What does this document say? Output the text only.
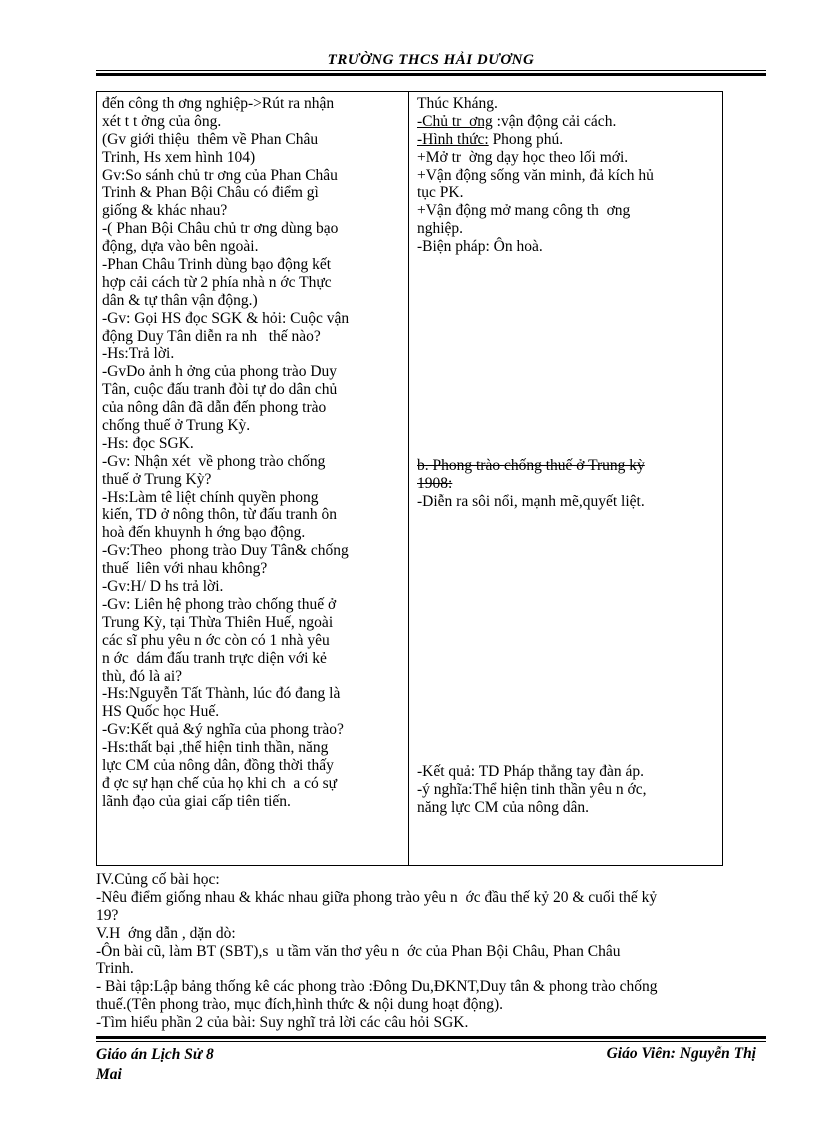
TRƯỜNG THCS HẢI DƯƠNG
đến công th ơng nghiệp->Rút ra nhận
xét t t ởng của ông.
(Gv giới thiệu  thêm về Phan Châu
Trinh, Hs xem hình 104)
Gv:So sánh chủ tr ơng của Phan Châu
Trinh & Phan Bội Châu có điểm gì
giống & khác nhau?
-( Phan Bội Châu chủ tr ơng dùng bạo
động, dựa vào bên ngoài.
-Phan Châu Trinh dùng bạo động kết
hợp cải cách từ 2 phía nhà n ớc Thực
dân & tự thân vận động.)
-Gv: Gọi HS đọc SGK & hỏi: Cuộc vận
động Duy Tân diễn ra nh   thế nào?
-Hs:Trả lời.
-GvDo ảnh h ởng của phong trào Duy
Tân, cuộc đấu tranh đòi tự do dân chủ
của nông dân đã dẫn đến phong trào
chống thuế ở Trung Kỳ.
-Hs: đọc SGK.
-Gv: Nhận xét  về phong trào chống
thuế ở Trung Kỳ?
-Hs:Làm tê liệt chính quyền phong
kiến, TD ở nông thôn, từ đấu tranh ôn
hoà đến khuynh h ớng bạo động.
-Gv:Theo  phong trào Duy Tân& chống
thuế  liên với nhau không?
-Gv:H/ D hs trả lời.
-Gv: Liên hệ phong trào chống thuế ở
Trung Kỳ, tại Thừa Thiên Huế, ngoài
các sĩ phu yêu n ớc còn có 1 nhà yêu
n ớc  dám đấu tranh trực diện với kẻ
thù, đó là ai?
-Hs:Nguyễn Tất Thành, lúc đó đang là
HS Quốc học Huế.
-Gv:Kết quả &ý nghĩa của phong trào?
-Hs:thất bại ,thể hiện tinh thần, năng
lực CM của nông dân, đồng thời thấy
đ ợc sự hạn chế của họ khi ch  a có sự
lãnh đạo của giai cấp tiên tiến.
Thúc Kháng.
-Chủ tr  ơng :vận động cải cách.
-Hình thức: Phong phú.
+Mở tr  ờng dạy học theo lối mới.
+Vận động sống văn minh, đả kích hủ
tục PK.
+Vận động mở mang công th  ơng
nghiệp.
-Biện pháp: Ôn hoà.
b. Phong trào chống thuế ở Trung kỳ
1908:
-Diễn ra sôi nổi, mạnh mẽ,quyết liệt.
-Kết quả: TD Pháp thẳng tay đàn áp.
-ý nghĩa:Thể hiện tinh thần yêu n ớc,
năng lực CM của nông dân.
IV.Củng cố bài học:
-Nêu điểm giống nhau & khác nhau giữa phong trào yêu n  ớc đầu thế kỷ 20 & cuối thế kỷ
19?
V.H  ớng dẫn , dặn dò:
-Ôn bài cũ, làm BT (SBT),s  u tầm văn thơ yêu n  ớc của Phan Bội Châu, Phan Châu
Trinh.
- Bài tập:Lập bảng thống kê các phong trào :Đông Du,ĐKNT,Duy tân & phong trào chống
thuế.(Tên phong trào, mục đích,hình thức & nội dung hoạt động).
-Tìm hiểu phần 2 của bài: Suy nghĩ trả lời các câu hỏi SGK.
Giáo án Lịch Sử 8
Mai
Giáo Viên: Nguyễn Thị
